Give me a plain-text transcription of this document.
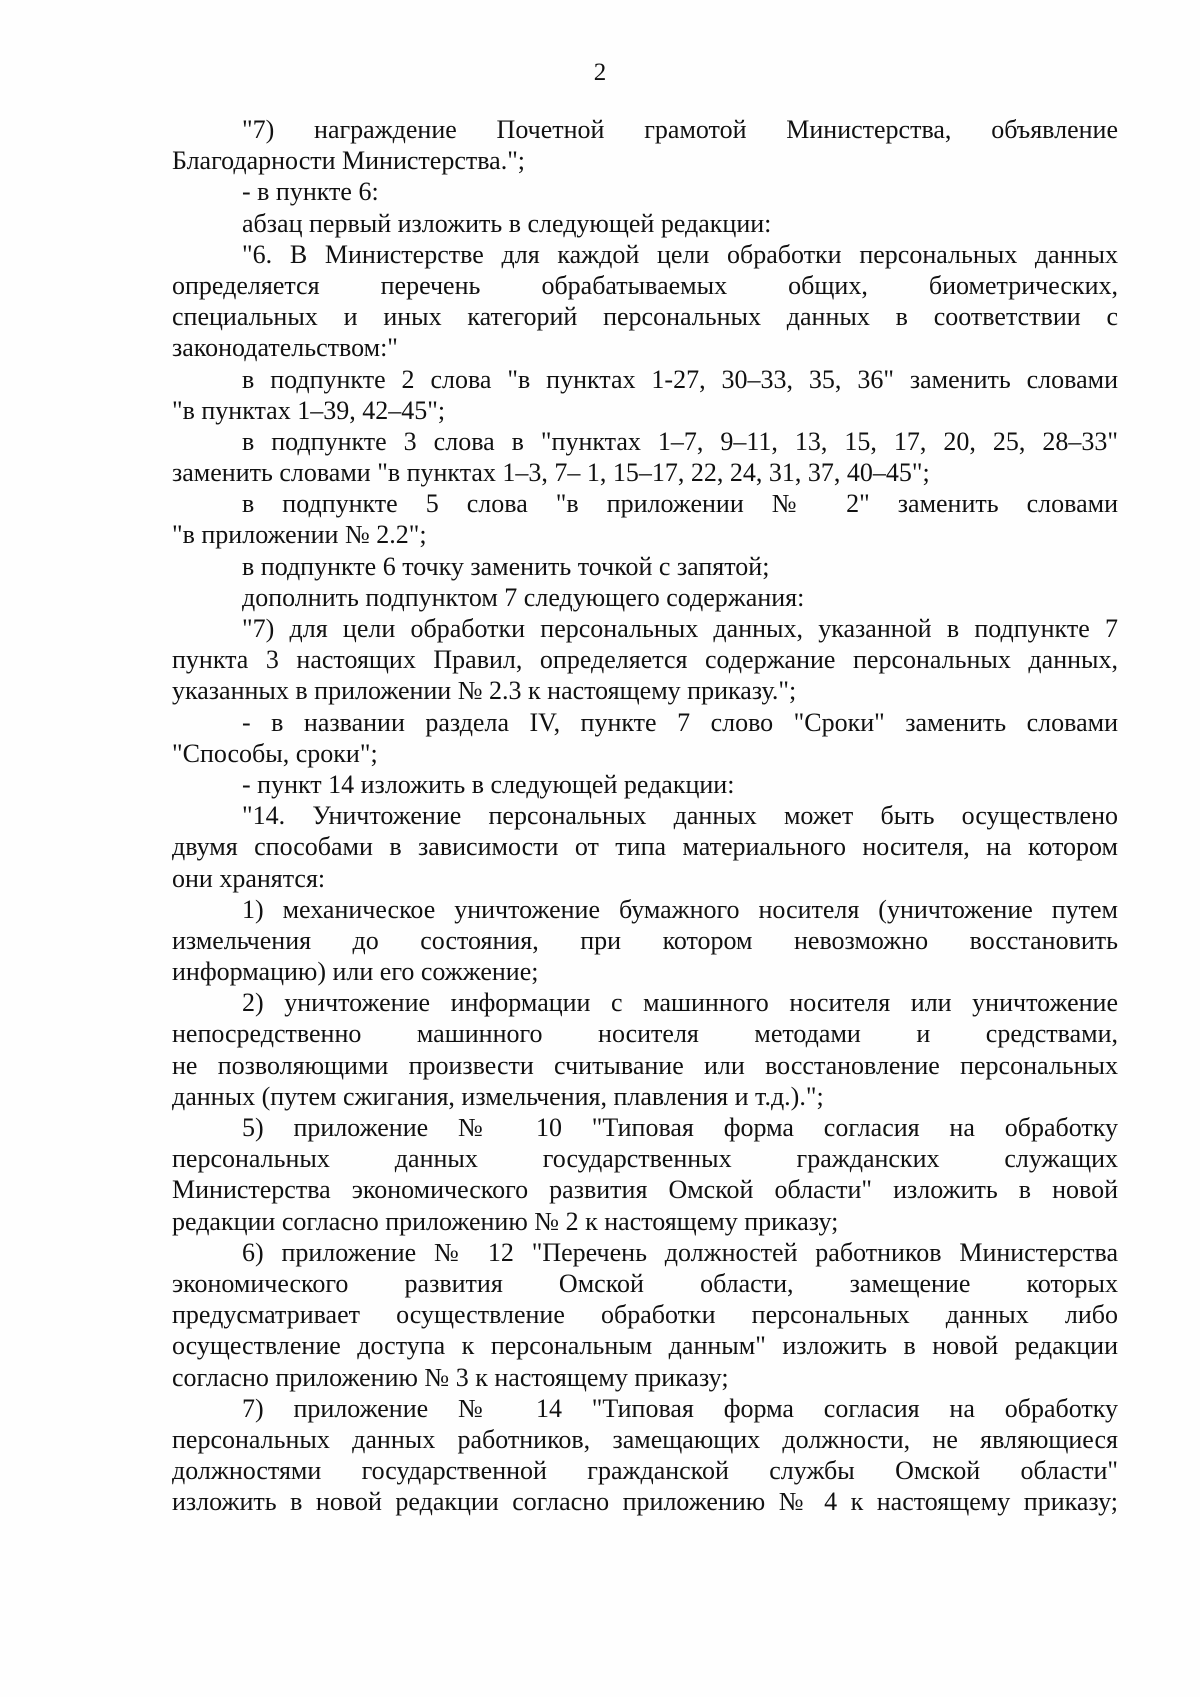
2
"7) награждение Почетной грамотой Министерства, объявление
Благодарности Министерства.";
- в пункте 6:
абзац первый изложить в следующей редакции:
"6. В Министерстве для каждой цели обработки персональных данных
определяется перечень обрабатываемых общих, биометрических,
специальных и иных категорий персональных данных в соответствии с
законодательством:"
в подпункте 2 слова "в пунктах 1-27, 30–33, 35, 36" заменить словами
"в пунктах 1–39, 42–45";
в подпункте 3 слова в "пунктах 1–7, 9–11, 13, 15, 17, 20, 25, 28–33"
заменить словами "в пунктах 1–3, 7– 1, 15–17, 22, 24, 31, 37, 40–45";
в подпункте 5 слова "в приложении № 2" заменить словами
"в приложении № 2.2";
в подпункте 6 точку заменить точкой с запятой;
дополнить подпунктом 7 следующего содержания:
"7) для цели обработки персональных данных, указанной в подпункте 7
пункта 3 настоящих Правил, определяется содержание персональных данных,
указанных в приложении № 2.3 к настоящему приказу.";
- в названии раздела IV, пункте 7 слово "Сроки" заменить словами
"Способы, сроки";
- пункт 14 изложить в следующей редакции:
"14. Уничтожение персональных данных может быть осуществлено
двумя способами в зависимости от типа материального носителя, на котором
они хранятся:
1) механическое уничтожение бумажного носителя (уничтожение путем
измельчения до состояния, при котором невозможно восстановить
информацию) или его сожжение;
2) уничтожение информации с машинного носителя или уничтожение
непосредственно машинного носителя методами и средствами,
не позволяющими произвести считывание или восстановление персональных
данных (путем сжигания, измельчения, плавления и т.д.).";
5) приложение № 10 "Типовая форма согласия на обработку
персональных данных государственных гражданских служащих
Министерства экономического развития Омской области" изложить в новой
редакции согласно приложению № 2 к настоящему приказу;
6) приложение № 12 "Перечень должностей работников Министерства
экономического развития Омской области, замещение которых
предусматривает осуществление обработки персональных данных либо
осуществление доступа к персональным данным" изложить в новой редакции
согласно приложению № 3 к настоящему приказу;
7) приложение № 14 "Типовая форма согласия на обработку
персональных данных работников, замещающих должности, не являющиеся
должностями государственной гражданской службы Омской области"
изложить в новой редакции согласно приложению № 4 к настоящему приказу;
